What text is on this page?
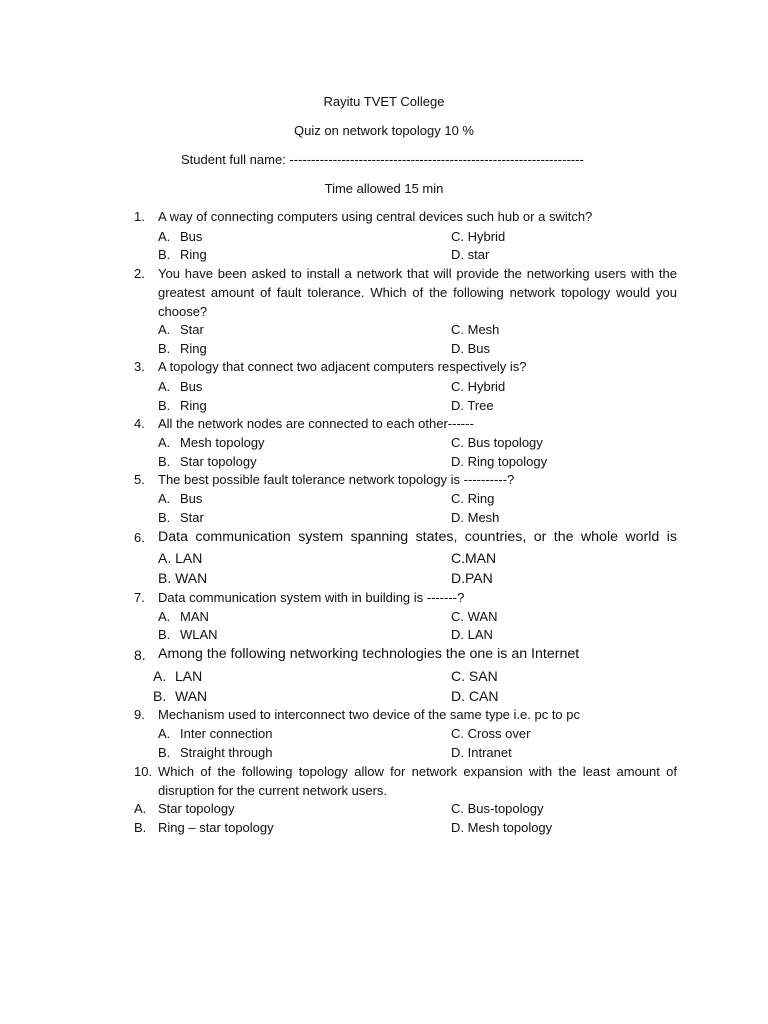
Rayitu TVET College
Quiz on network topology 10 %
Student full name: --------------------------------------------------------------------
Time allowed 15 min
1. A way of connecting computers using central devices such hub or a switch?
A. Bus	C. Hybrid
B. Ring	D. star
2. You have been asked to install a network that will provide the networking users with the greatest amount of fault tolerance. Which of the following network topology would you choose?
A. Star	C. Mesh
B. Ring	D. Bus
3. A topology that connect two adjacent computers respectively is?
A. Bus	C. Hybrid
B. Ring	D. Tree
4. All the network nodes are connected to each other------
A. Mesh topology	C. Bus topology
B. Star topology	D. Ring topology
5. The best possible fault tolerance network topology is ----------?
A. Bus	C. Ring
B. Star	D. Mesh
6. Data communication system spanning states, countries, or the whole world is
A. LAN	C.MAN
B. WAN	D.PAN
7. Data communication system with in building is -------?
A. MAN	C. WAN
B. WLAN	D. LAN
8. Among the following networking technologies the one is an Internet
A. LAN	C. SAN
B. WAN	D. CAN
9. Mechanism used to interconnect two device of the same type i.e. pc to pc
A. Inter connection	C. Cross over
B. Straight through	D. Intranet
10. Which of the following topology allow for network expansion with the least amount of disruption for the current network users.
A. Star topology	C. Bus-topology
B. Ring – star topology	D. Mesh topology
